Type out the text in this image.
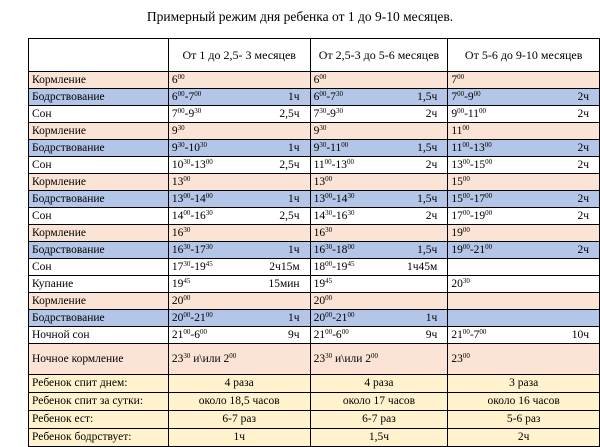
Примерный режим дня ребенка от 1 до 9-10 месяцев.
	От 1 до 2,5- 3 месяцев		От 2,5-3 до 5-6 месяцев		От 5-6 до 9-10 месяцев	
Кормление	$6^{00}$		$6^{00}$		$7^{00}$	
Бодрствование	$6^{00}-7^{00}$	1ч	$6^{00}-7^{30}$	1,5ч	$7^{00}-9^{00}$	2ч
Сон	$7^{00}-9^{30}$	2,5ч	$7^{30}-9^{30}$	2ч	$9^{00}-11^{00}$	2ч
Кормление	$9^{30}$		$9^{30}$		$11^{00}$	
Бодрствование	$9^{30}-10^{30}$	1ч	$9^{30}-11^{00}$	1,5ч	$11^{00}-13^{00}$	2ч
Сон	$10^{30}-13^{00}$	2,5ч	$11^{00}-13^{00}$	2ч	$13^{00}-15^{00}$	2ч
Кормление	$13^{00}$		$13^{00}$		$15^{00}$	
Бодрствование	$13^{00}-14^{00}$	1ч	$13^{00}-14^{30}$	1,5ч	$15^{00}-17^{00}$	2ч
Сон	$14^{00}-16^{30}$	2,5ч	$14^{30}-16^{30}$	2ч	$17^{00}-19^{00}$	2ч
Кормление	$16^{30}$		$16^{30}$		$19^{00}$	
Бодрствование	$16^{30}-17^{30}$	1ч	$16^{30}-18^{00}$	1,5ч	$19^{00}-21^{00}$	2ч
Сон	$17^{30}-19^{45}$	2ч15м	$18^{00}-19^{45}$	1ч45м		
Купание	$19^{45}$	15мин	$19^{45}$		$20^{30}$	
Кормление	$20^{00}$		$20^{00}$			
Бодрствование	$20^{00}-21^{00}$	1ч	$20^{00}-21^{00}$	1ч		
Ночной сон	$21^{00}-6^{00}$	9ч	$21^{00}-6^{00}$	9ч	$21^{00}-7^{00}$	10ч
Ночное кормление	$23^{30}$ и\или $2^{00}$		$23^{30}$ и\или $2^{00}$		$23^{00}$	
Ребенок спит днем:	4 раза		4 раза		3 раза	
Ребенок спит за сутки:	около 18,5 часов		около 17 часов		около 16 часов	
Ребенок ест:	6-7 раз		6-7 раз		5-6 раз	
Ребенок бодрствует:	1ч		1,5ч		2ч	
